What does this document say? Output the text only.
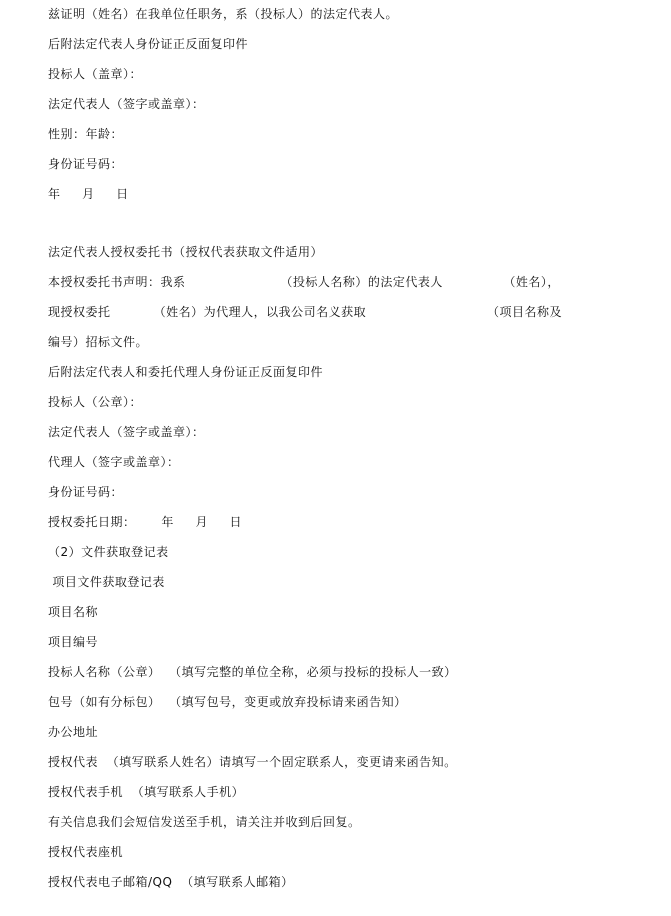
兹证明（姓名）在我单位任职务，系（投标人）的法定代表人。
后附法定代表人身份证正反面复印件
投标人（盖章）：
法定代表人（签字或盖章）：
性别：年龄：
身份证号码：
年     月     日
法定代表人授权委托书（授权代表获取文件适用）
本授权委托书声明：我系                      （投标人名称）的法定代表人              （姓名），
现授权委托          （姓名）为代理人，以我公司名义获取                            （项目名称及
编号）招标文件。
后附法定代表人和委托代理人身份证正反面复印件
投标人（公章）：
法定代表人（签字或盖章）：
代理人（签字或盖章）：
身份证号码：
授权委托日期：      年     月     日
（2）文件获取登记表
项目文件获取登记表
项目名称
项目编号
投标人名称（公章）  （填写完整的单位全称，必须与投标的投标人一致）
包号（如有分标包）  （填写包号，变更或放弃投标请来函告知）
办公地址
授权代表  （填写联系人姓名）请填写一个固定联系人，变更请来函告知。
授权代表手机  （填写联系人手机）
有关信息我们会短信发送至手机，请关注并收到后回复。
授权代表座机
授权代表电子邮箱/QQ  （填写联系人邮箱）
